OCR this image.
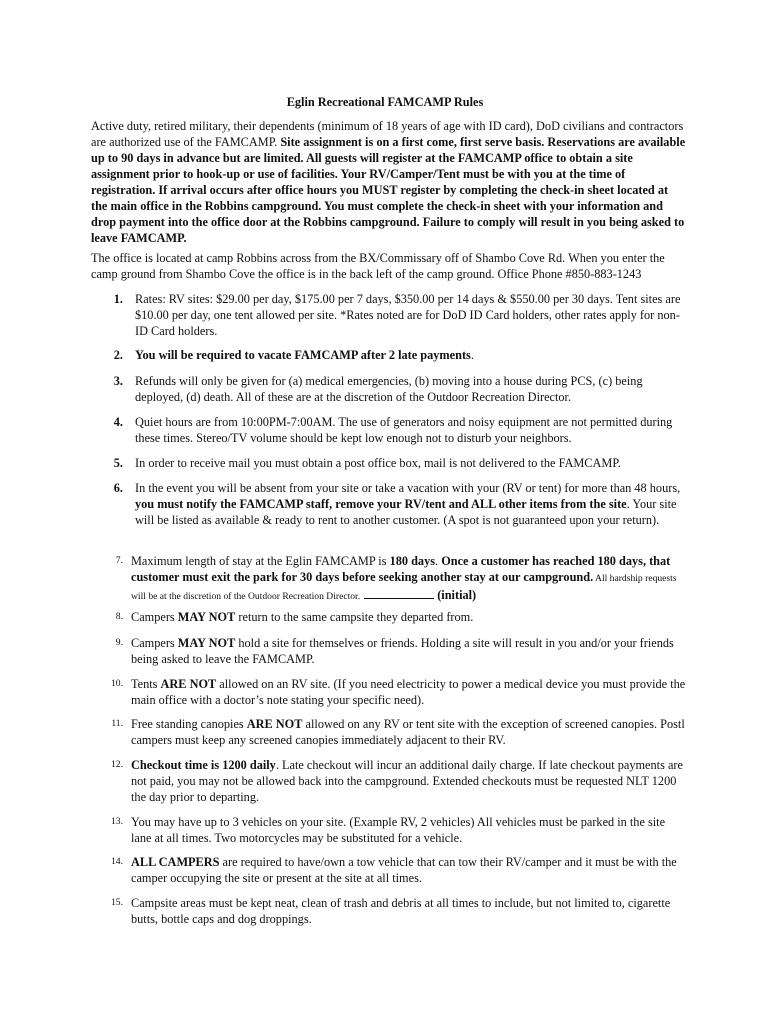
Eglin Recreational FAMCAMP Rules
Active duty, retired military, their dependents (minimum of 18 years of age with ID card), DoD civilians and contractors are authorized use of the FAMCAMP. Site assignment is on a first come, first serve basis. Reservations are available up to 90 days in advance but are limited. All guests will register at the FAMCAMP office to obtain a site assignment prior to hook-up or use of facilities. Your RV/Camper/Tent must be with you at the time of registration. If arrival occurs after office hours you MUST register by completing the check-in sheet located at the main office in the Robbins campground. You must complete the check-in sheet with your information and drop payment into the office door at the Robbins campground. Failure to comply will result in you being asked to leave FAMCAMP.
The office is located at camp Robbins across from the BX/Commissary off of Shambo Cove Rd. When you enter the camp ground from Shambo Cove the office is in the back left of the camp ground. Office Phone #850-883-1243
1. Rates: RV sites: $29.00 per day, $175.00 per 7 days, $350.00 per 14 days & $550.00 per 30 days. Tent sites are $10.00 per day, one tent allowed per site. *Rates noted are for DoD ID Card holders, other rates apply for non-ID Card holders.
2. You will be required to vacate FAMCAMP after 2 late payments.
3. Refunds will only be given for (a) medical emergencies, (b) moving into a house during PCS, (c) being deployed, (d) death. All of these are at the discretion of the Outdoor Recreation Director.
4. Quiet hours are from 10:00PM-7:00AM. The use of generators and noisy equipment are not permitted during these times. Stereo/TV volume should be kept low enough not to disturb your neighbors.
5. In order to receive mail you must obtain a post office box, mail is not delivered to the FAMCAMP.
6. In the event you will be absent from your site or take a vacation with your (RV or tent) for more than 48 hours, you must notify the FAMCAMP staff, remove your RV/tent and ALL other items from the site. Your site will be listed as available & ready to rent to another customer. (A spot is not guaranteed upon your return).
7. Maximum length of stay at the Eglin FAMCAMP is 180 days. Once a customer has reached 180 days, that customer must exit the park for 30 days before seeking another stay at our campground. All hardship requests will be at the discretion of the Outdoor Recreation Director.	(initial)
8. Campers MAY NOT return to the same campsite they departed from.
9. Campers MAY NOT hold a site for themselves or friends. Holding a site will result in you and/or your friends being asked to leave the FAMCAMP.
10. Tents ARE NOT allowed on an RV site. (If you need electricity to power a medical device you must provide the main office with a doctor’s note stating your specific need).
11. Free standing canopies ARE NOT allowed on any RV or tent site with the exception of screened canopies. Postl campers must keep any screened canopies immediately adjacent to their RV.
12. Checkout time is 1200 daily. Late checkout will incur an additional daily charge. If late checkout payments are not paid, you may not be allowed back into the campground. Extended checkouts must be requested NLT 1200 the day prior to departing.
13. You may have up to 3 vehicles on your site. (Example RV, 2 vehicles) All vehicles must be parked in the site lane at all times. Two motorcycles may be substituted for a vehicle.
14. ALL CAMPERS are required to have/own a tow vehicle that can tow their RV/camper and it must be with the camper occupying the site or present at the site at all times.
15. Campsite areas must be kept neat, clean of trash and debris at all times to include, but not limited to, cigarette butts, bottle caps and dog droppings.
